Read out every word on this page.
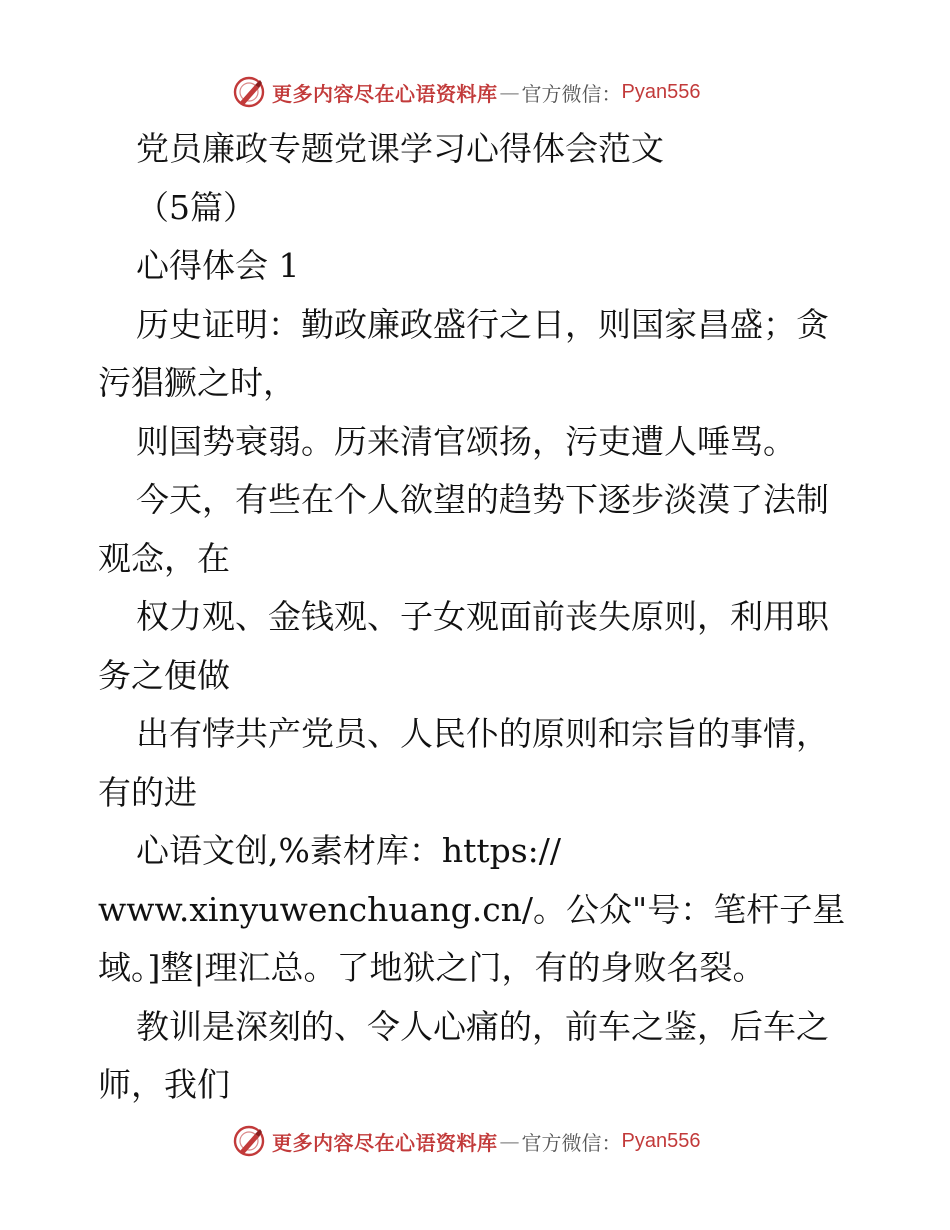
更多内容尽在心语资料库 — 官方微信： Pyan556
党员廉政专题党课学习心得体会范文
（5篇）
心得体会 1
历史证明：勤政廉政盛行之日，则国家昌盛；贪
污猖獗之时，
则国势衰弱。历来清官颂扬，污吏遭人唾骂。
今天，有些在个人欲望的趋势下逐步淡漠了法制
观念，在
权力观、金钱观、子女观面前丧失原则，利用职
务之便做
出有悖共产党员、人民仆的原则和宗旨的事情，
有的进
心语文创,%素材库：https://
www.xinyuwenchuang.cn/。公众"号：笔杆子星
域。]整|理汇总。了地狱之门，有的身败名裂。
教训是深刻的、令人心痛的，前车之鉴，后车之
师，我们
更多内容尽在心语资料库 — 官方微信： Pyan556
